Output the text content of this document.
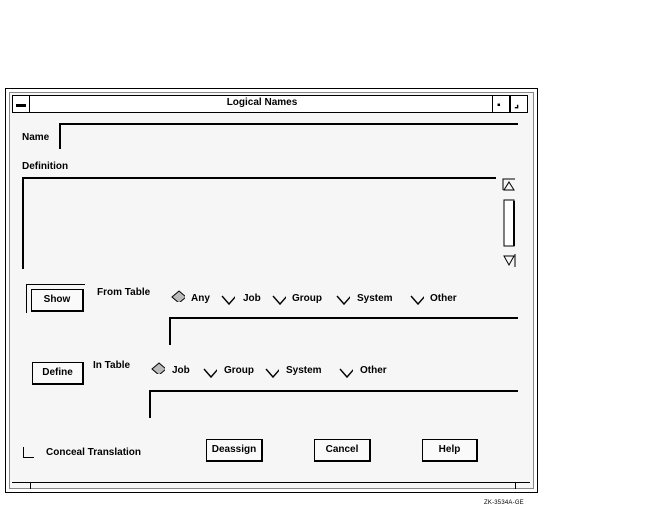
▬	Logical Names	▪ ⌟
Name
Definition
Show
From Table
Any	Job	Group	System	Other
Define
In Table	Job	Group	System	Other
Conceal Translation	Deassign	Cancel	Help
ZK-3534A-GE
